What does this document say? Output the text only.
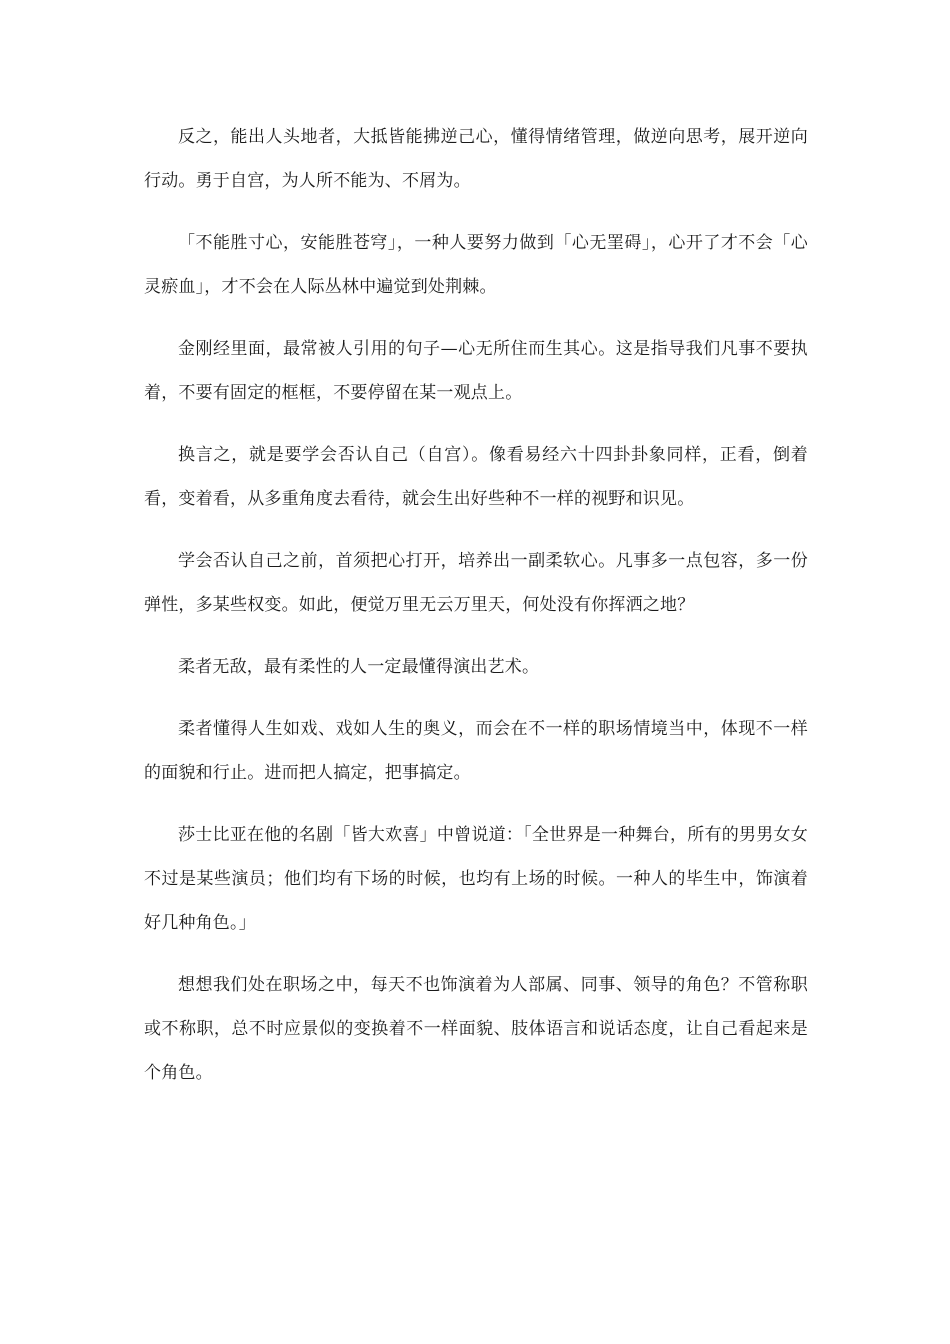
反之，能出人头地者，大抵皆能拂逆己心，懂得情绪管理，做逆向思考，展开逆向行动。勇于自宫，为人所不能为、不屑为。

「不能胜寸心，安能胜苍穹」，一种人要努力做到「心无罣碍」，心开了才不会「心灵瘀血」，才不会在人际丛林中遍觉到处荆棘。

金刚经里面，最常被人引用的句子—心无所住而生其心。这是指导我们凡事不要执着，不要有固定的框框，不要停留在某一观点上。

换言之，就是要学会否认自己（自宫）。像看易经六十四卦卦象同样，正看，倒着看，变着看，从多重角度去看待，就会生出好些种不一样的视野和识见。

学会否认自己之前，首须把心打开，培养出一副柔软心。凡事多一点包容，多一份弹性，多某些权变。如此，便觉万里无云万里天，何处没有你挥洒之地？

柔者无敌，最有柔性的人一定最懂得演出艺术。

柔者懂得人生如戏、戏如人生的奥义，而会在不一样的职场情境当中，体现不一样的面貌和行止。进而把人搞定，把事搞定。

莎士比亚在他的名剧「皆大欢喜」中曾说道：「全世界是一种舞台，所有的男男女女不过是某些演员；他们均有下场的时候，也均有上场的时候。一种人的毕生中，饰演着好几种角色。」

想想我们处在职场之中，每天不也饰演着为人部属、同事、领导的角色？不管称职或不称职，总不时应景似的变换着不一样面貌、肢体语言和说话态度，让自己看起来是个角色。
